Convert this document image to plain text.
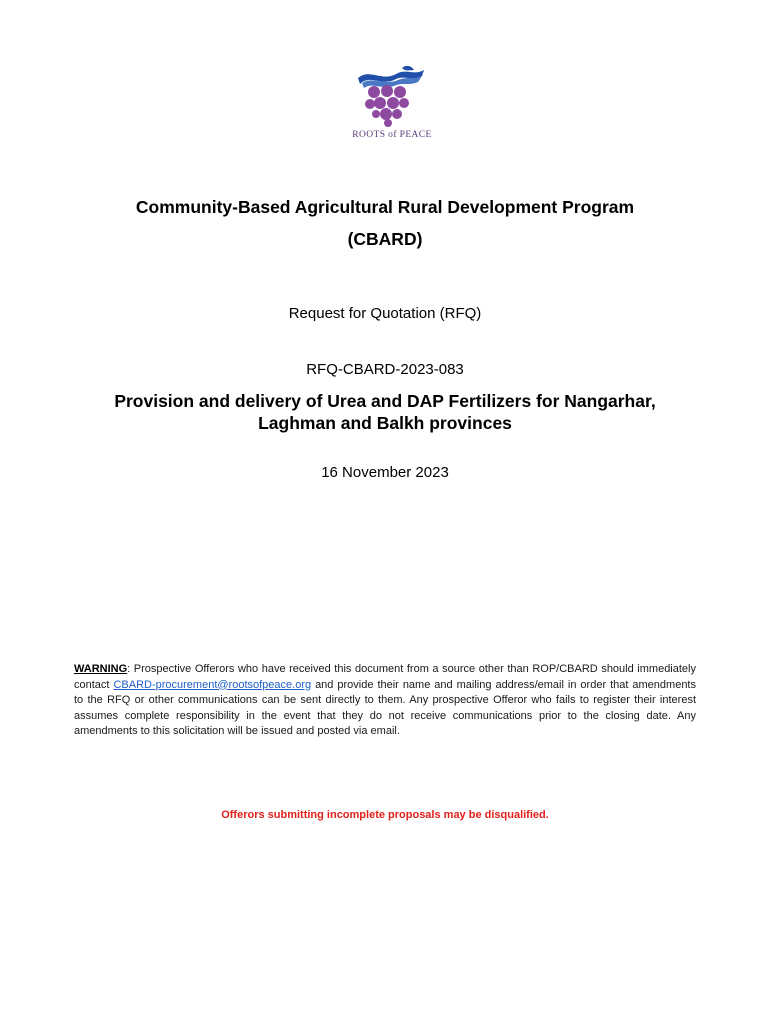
ROOTS of PEACE
Community-Based Agricultural Rural Development Program
(CBARD)
Request for Quotation (RFQ)
RFQ-CBARD-2023-083
Provision and delivery of Urea and DAP Fertilizers for Nangarhar,
Laghman and Balkh provinces
16 November 2023
WARNING: Prospective Offerors who have received this document from a source other than ROP/CBARD should immediately contact CBARD-procurement@rootsofpeace.org and provide their name and mailing address/email in order that amendments to the RFQ or other communications can be sent directly to them. Any prospective Offeror who fails to register their interest assumes complete responsibility in the event that they do not receive communications prior to the closing date. Any amendments to this solicitation will be issued and posted via email.
Offerors submitting incomplete proposals may be disqualified.
